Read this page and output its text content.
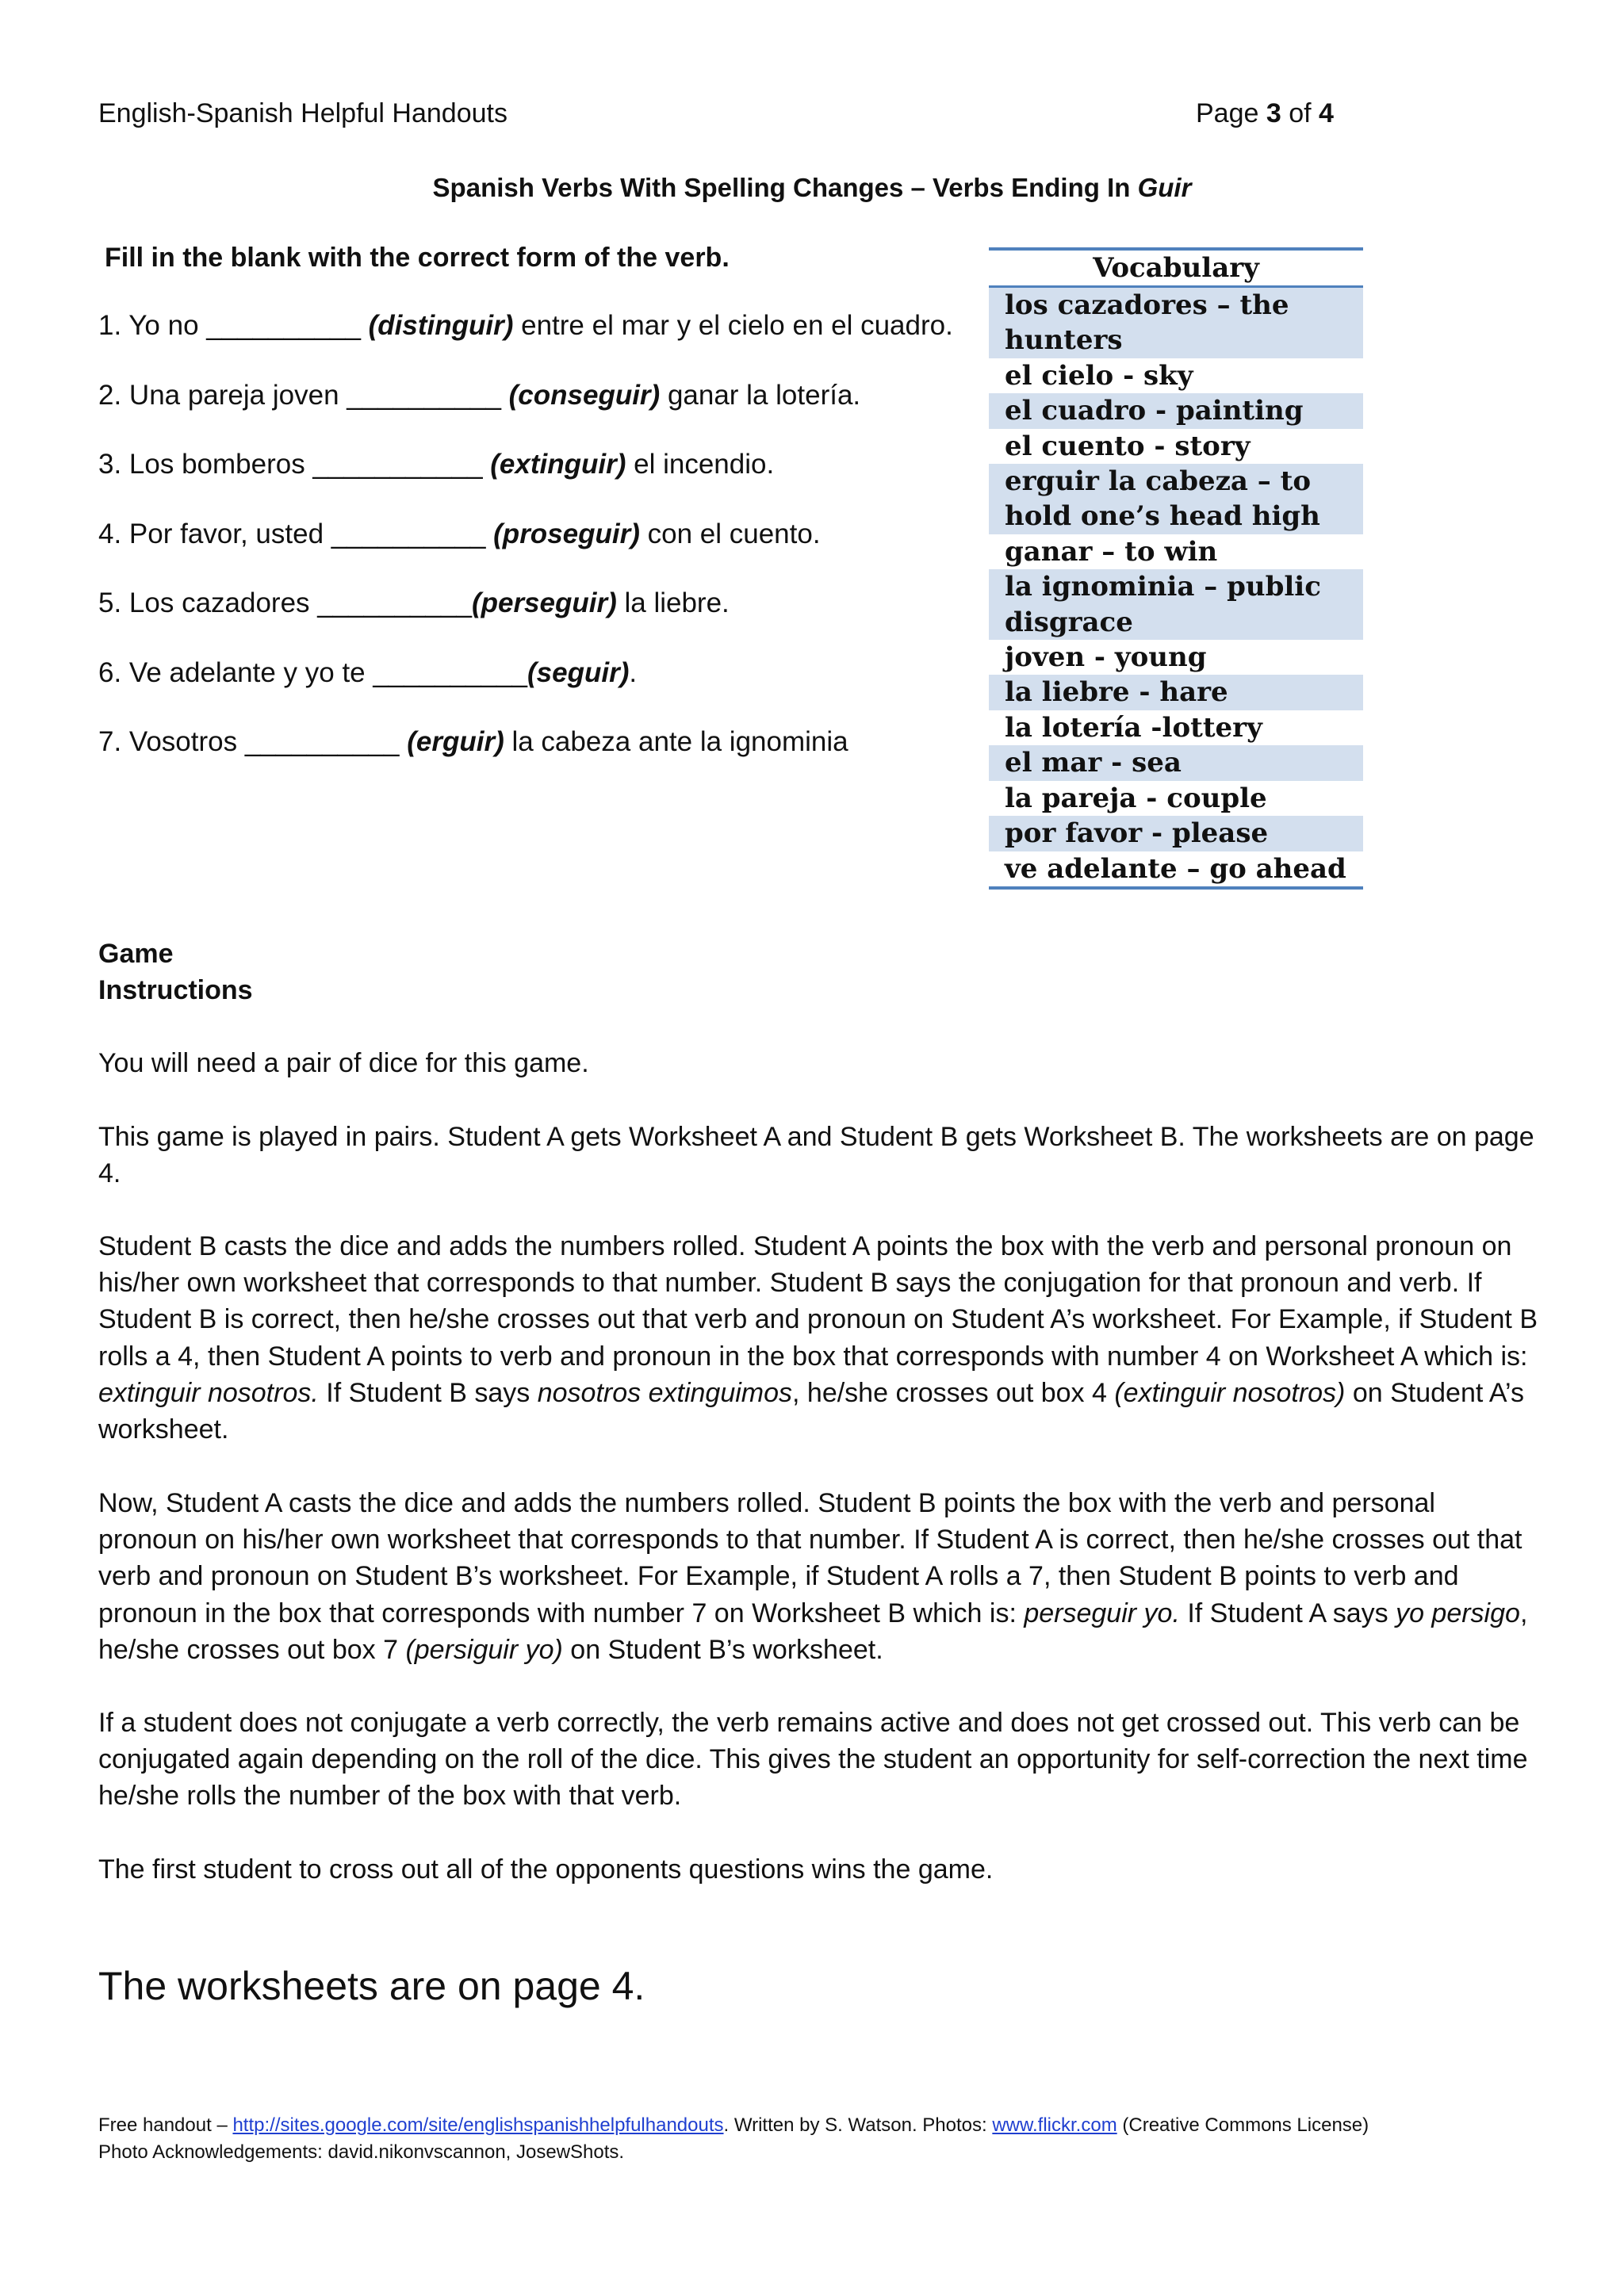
English-Spanish Helpful Handouts	Page 3 of 4
Spanish Verbs With Spelling Changes – Verbs Ending In Guir
Fill in the blank with the correct form of the verb.
1. Yo no __________ (distinguir) entre el mar y el cielo en el cuadro.
2. Una pareja joven __________ (conseguir) ganar la lotería.
3. Los bomberos ___________ (extinguir) el incendio.
4. Por favor, usted __________ (proseguir) con el cuento.
5. Los cazadores __________(perseguir) la liebre.
6. Ve adelante y yo te __________(seguir).
7. Vosotros __________ (erguir) la cabeza ante la ignominia
Vocabulary
los cazadores – the
hunters
el cielo - sky
el cuadro - painting
el cuento - story
erguir la cabeza – to
hold one’s head high
ganar – to win
la ignominia – public
disgrace
joven - young
la liebre - hare
la lotería -lottery
el mar - sea
la pareja - couple
por favor - please
ve adelante – go ahead
Game
Instructions
You will need a pair of dice for this game.
This game is played in pairs. Student A gets Worksheet A and Student B gets Worksheet B. The worksheets are on page 4.
Student B casts the dice and adds the numbers rolled. Student A points the box with the verb and personal pronoun on his/her own worksheet that corresponds to that number. Student B says the conjugation for that pronoun and verb. If Student B is correct, then he/she crosses out that verb and pronoun on Student A’s worksheet. For Example, if Student B rolls a 4, then Student A points to verb and pronoun in the box that corresponds with number 4 on Worksheet A which is: extinguir nosotros. If Student B says nosotros extinguimos, he/she crosses out box 4 (extinguir nosotros) on Student A’s worksheet.
Now, Student A casts the dice and adds the numbers rolled. Student B points the box with the verb and personal pronoun on his/her own worksheet that corresponds to that number. If Student A is correct, then he/she crosses out that verb and pronoun on Student B’s worksheet. For Example, if Student A rolls a 7, then Student B points to verb and pronoun in the box that corresponds with number 7 on Worksheet B which is: perseguir yo. If Student A says yo persigo, he/she crosses out box 7 (persiguir yo) on Student B’s worksheet.
If a student does not conjugate a verb correctly, the verb remains active and does not get crossed out. This verb can be conjugated again depending on the roll of the dice. This gives the student an opportunity for self-correction the next time he/she rolls the number of the box with that verb.
The first student to cross out all of the opponents questions wins the game.
The worksheets are on page 4.
Free handout – http://sites.google.com/site/englishspanishhelpfulhandouts. Written by S. Watson. Photos: www.flickr.com (Creative Commons License)
Photo Acknowledgements: david.nikonvscannon, JosewShots.
